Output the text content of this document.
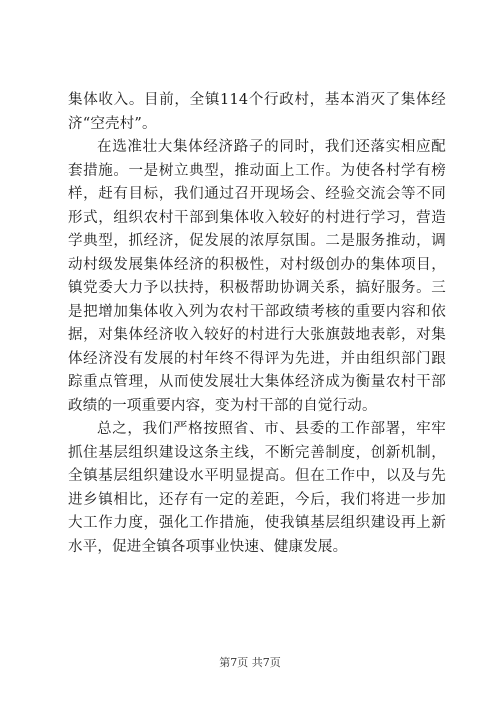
集体收入。目前，全镇114个行政村，基本消灭了集体经济“空壳村”。

在选准壮大集体经济路子的同时，我们还落实相应配套措施。一是树立典型，推动面上工作。为使各村学有榜样，赶有目标，我们通过召开现场会、经验交流会等不同形式，组织农村干部到集体收入较好的村进行学习，营造学典型，抓经济，促发展的浓厚氛围。二是服务推动，调动村级发展集体经济的积极性，对村级创办的集体项目，镇党委大力予以扶持，积极帮助协调关系，搞好服务。三是把增加集体收入列为农村干部政绩考核的重要内容和依据，对集体经济收入较好的村进行大张旗鼓地表彰，对集体经济没有发展的村年终不得评为先进，并由组织部门跟踪重点管理，从而使发展壮大集体经济成为衡量农村干部政绩的一项重要内容，变为村干部的自觉行动。

总之，我们严格按照省、市、县委的工作部署，牢牢抓住基层组织建设这条主线，不断完善制度，创新机制，全镇基层组织建设水平明显提高。但在工作中，以及与先进乡镇相比，还存有一定的差距，今后，我们将进一步加大工作力度，强化工作措施，使我镇基层组织建设再上新水平，促进全镇各项事业快速、健康发展。

第7页 共7页
